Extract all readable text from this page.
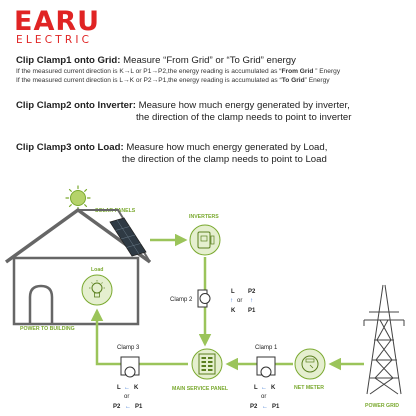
EARU
ELECTRIC
Clip Clamp1 onto Grid: Measure “From Grid” or “To Grid” energy
If the measured current direction is K→L or P1→P2,the energy reading is accumulated as “From Grid ” Energy
If the measured current direction is L→K or P2→P1,the energy reading is accumulated as “To Grid” Energy
Clip Clamp2 onto Inverter: Measure how much energy generated by inverter,
the direction of the clamp needs to point to inverter
Clip Clamp3 onto Load: Measure how much energy generated by Load,
the direction of the clamp needs to point to Load
SOLAR PANELS
Load
POWER TO BUILDING
INVERTERS
MAIN SERVICE PANEL	NET METER
POWER GRID
Clamp 2
L
↑
K
or
P2
↑
P1
Clamp 3
L ← K
or
P2 ← P1
Clamp 1
L ← K
or
P2 ← P1
